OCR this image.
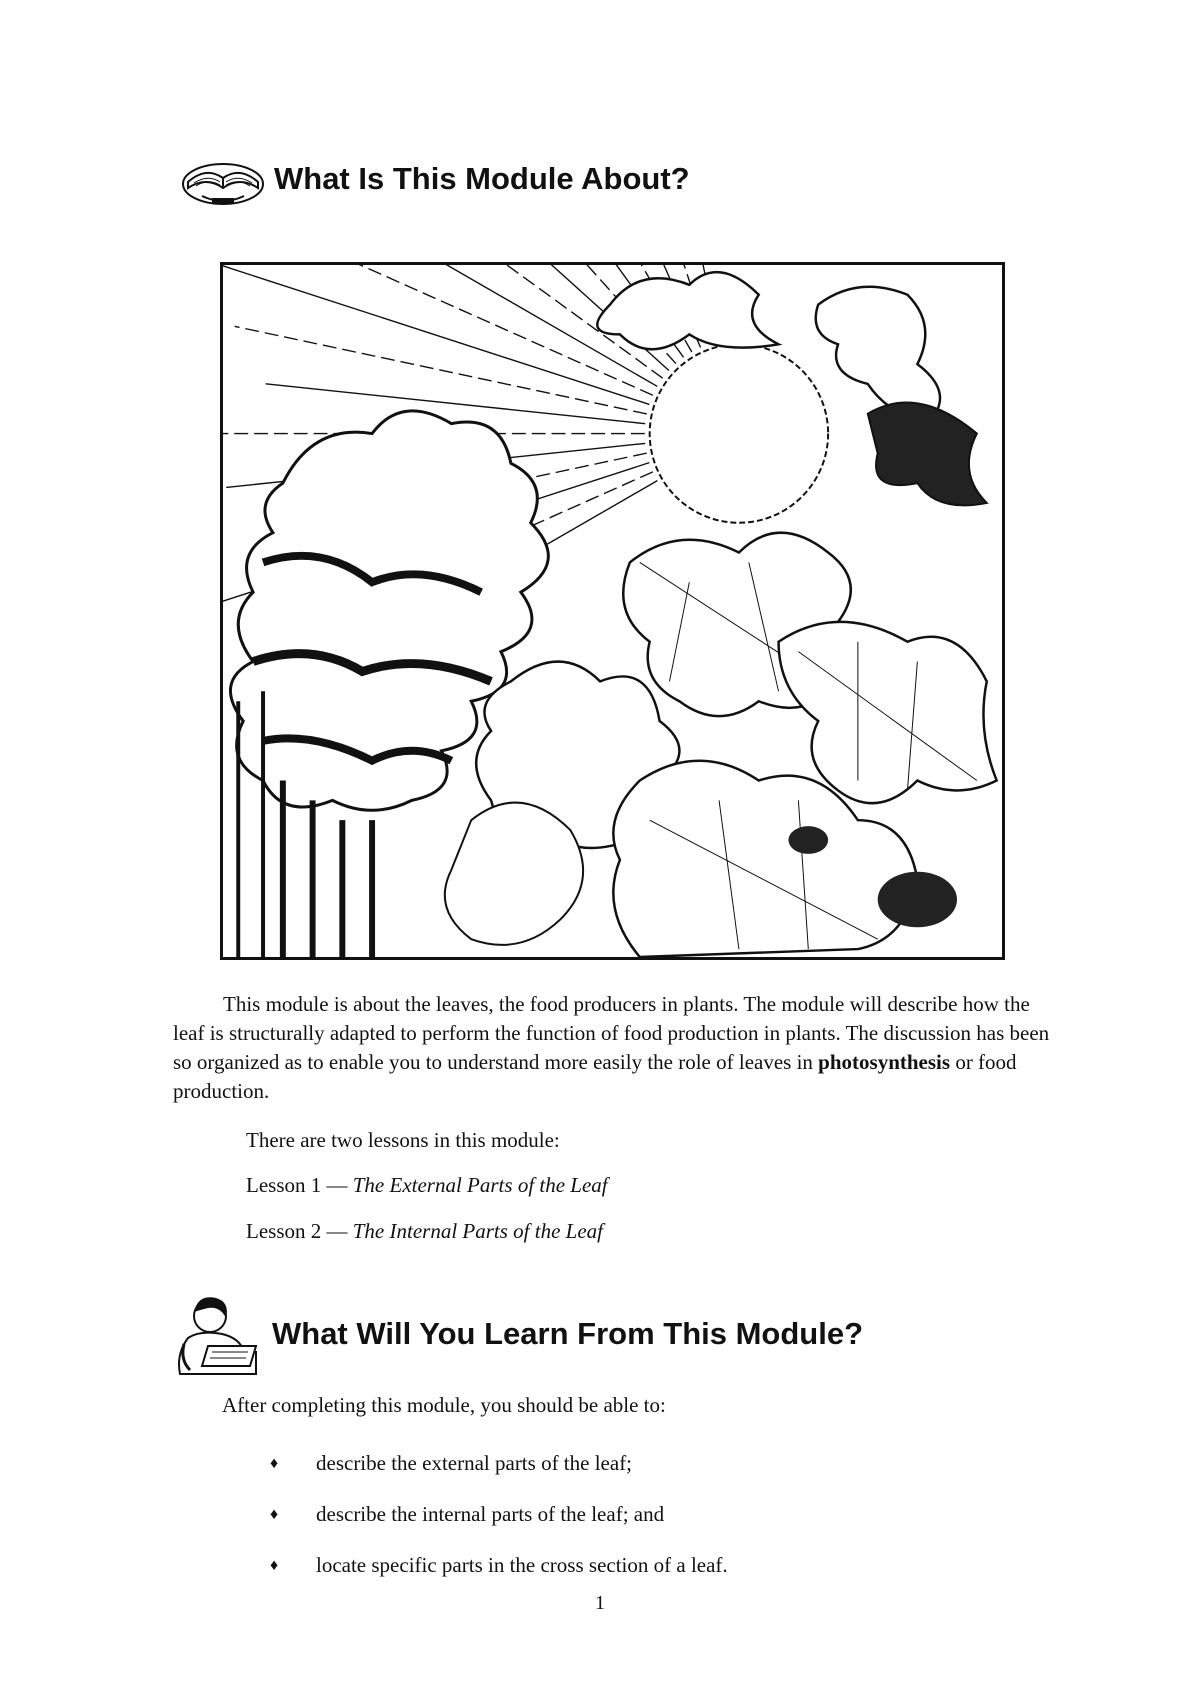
What Is This Module About?

This module is about the leaves, the food producers in plants. The module will describe how the leaf is structurally adapted to perform the function of food production in plants. The discussion has been so organized as to enable you to understand more easily the role of leaves in photosynthesis or food production.

There are two lessons in this module:

Lesson 1 — The External Parts of the Leaf

Lesson 2 — The Internal Parts of the Leaf

What Will You Learn From This Module?

After completing this module, you should be able to:

♦	describe the external parts of the leaf;
♦	describe the internal parts of the leaf; and
♦	locate specific parts in the cross section of a leaf.
1
